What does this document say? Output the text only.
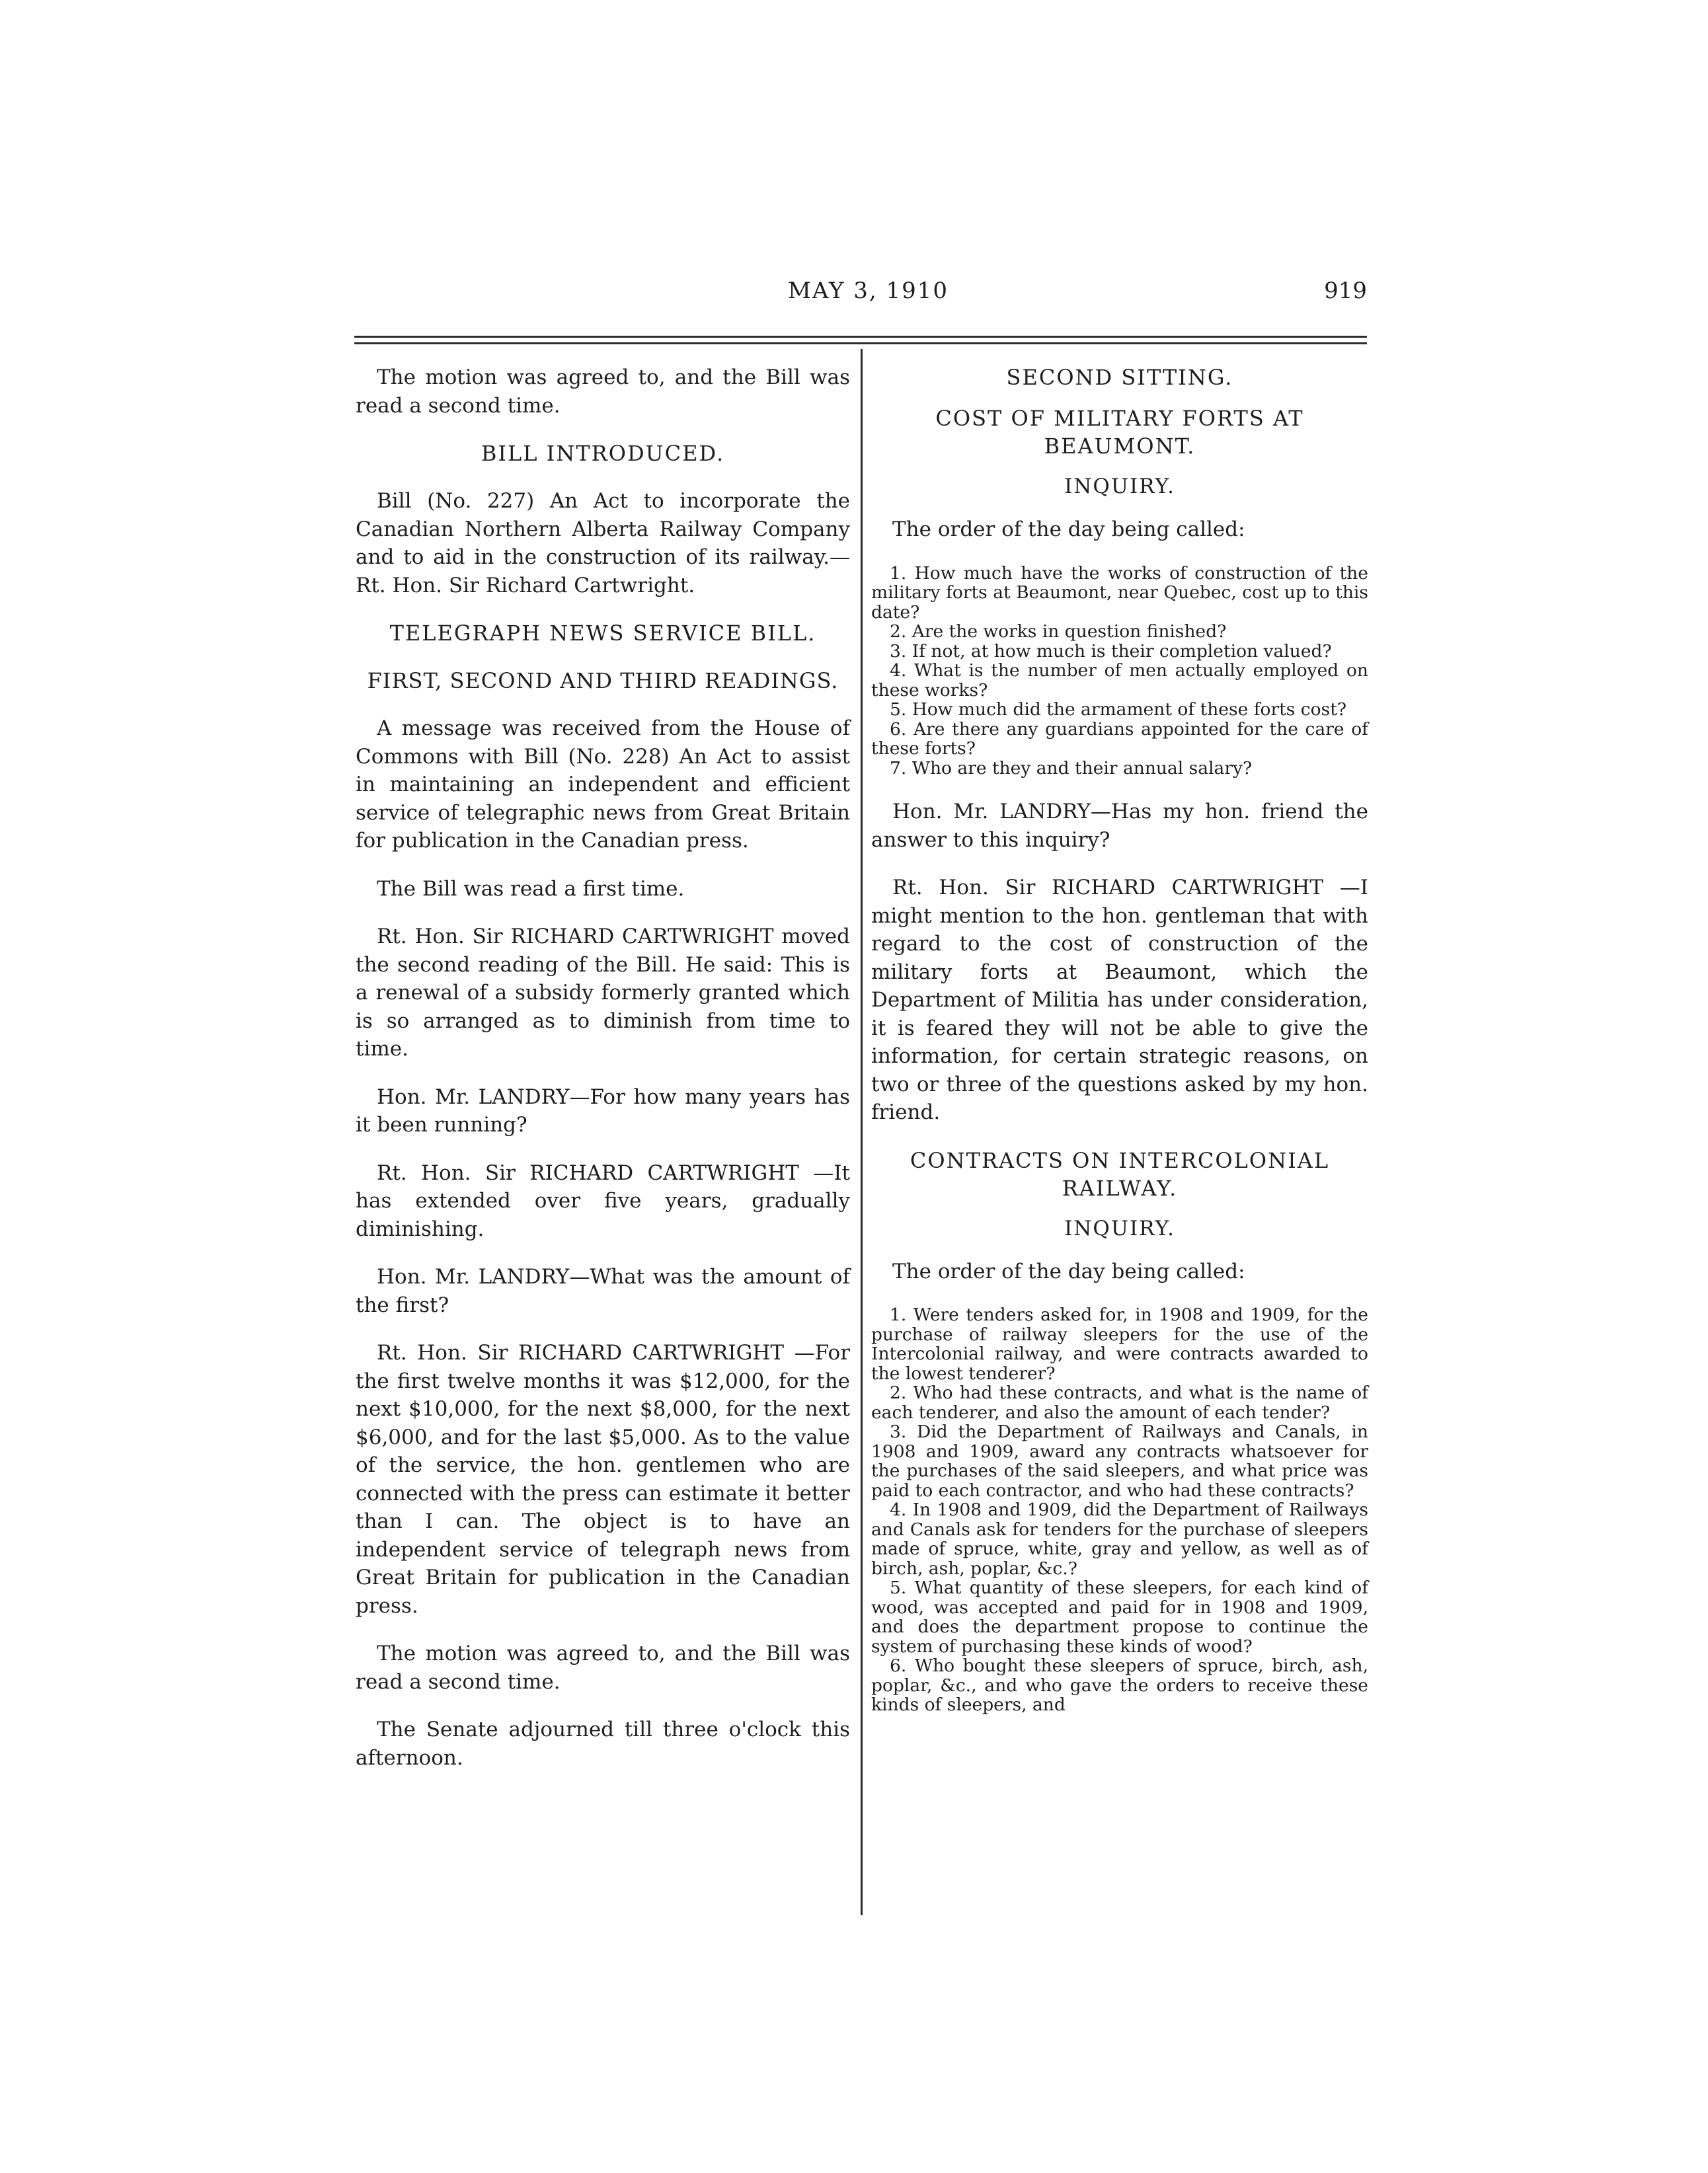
MAY 3, 1910	919

The motion was agreed to, and the Bill was read a second time.

BILL INTRODUCED.

Bill (No. 227) An Act to incorporate the Canadian Northern Alberta Railway Company and to aid in the construction of its railway.—Rt. Hon. Sir Richard Cartwright.

TELEGRAPH NEWS SERVICE BILL.

FIRST, SECOND AND THIRD READINGS.

A message was received from the House of Commons with Bill (No. 228) An Act to assist in maintaining an independent and efficient service of telegraphic news from Great Britain for publication in the Canadian press.

The Bill was read a first time.

Rt. Hon. Sir RICHARD CARTWRIGHT moved the second reading of the Bill. He said: This is a renewal of a subsidy formerly granted which is so arranged as to diminish from time to time.

Hon. Mr. LANDRY—For how many years has it been running?

Rt. Hon. Sir RICHARD CARTWRIGHT —It has extended over five years, gradually diminishing.

Hon. Mr. LANDRY—What was the amount of the first?

Rt. Hon. Sir RICHARD CARTWRIGHT —For the first twelve months it was $12,000, for the next $10,000, for the next $8,000, for the next $6,000, and for the last $5,000. As to the value of the service, the hon. gentlemen who are connected with the press can estimate it better than I can. The object is to have an independent service of telegraph news from Great Britain for publication in the Canadian press.

The motion was agreed to, and the Bill was read a second time.

The Senate adjourned till three o'clock this afternoon.

SECOND SITTING.

COST OF MILITARY FORTS AT BEAUMONT.

INQUIRY.

The order of the day being called:

1. How much have the works of construction of the military forts at Beaumont, near Quebec, cost up to this date?

2. Are the works in question finished?

3. If not, at how much is their completion valued?

4. What is the number of men actually employed on these works?

5. How much did the armament of these forts cost?

6. Are there any guardians appointed for the care of these forts?

7. Who are they and their annual salary?

Hon. Mr. LANDRY—Has my hon. friend the answer to this inquiry?

Rt. Hon. Sir RICHARD CARTWRIGHT —I might mention to the hon. gentleman that with regard to the cost of construction of the military forts at Beaumont, which the Department of Militia has under consideration, it is feared they will not be able to give the information, for certain strategic reasons, on two or three of the questions asked by my hon. friend.

CONTRACTS ON INTERCOLONIAL RAILWAY.

INQUIRY.

The order of the day being called:

1. Were tenders asked for, in 1908 and 1909, for the purchase of railway sleepers for the use of the Intercolonial railway, and were contracts awarded to the lowest tenderer?

2. Who had these contracts, and what is the name of each tenderer, and also the amount of each tender?

3. Did the Department of Railways and Canals, in 1908 and 1909, award any contracts whatsoever for the purchases of the said sleepers, and what price was paid to each contractor, and who had these contracts?

4. In 1908 and 1909, did the Department of Railways and Canals ask for tenders for the purchase of sleepers made of spruce, white, gray and yellow, as well as of birch, ash, poplar, &c.?

5. What quantity of these sleepers, for each kind of wood, was accepted and paid for in 1908 and 1909, and does the department propose to continue the system of purchasing these kinds of wood?

6. Who bought these sleepers of spruce, birch, ash, poplar, &c., and who gave the orders to receive these kinds of sleepers, and
